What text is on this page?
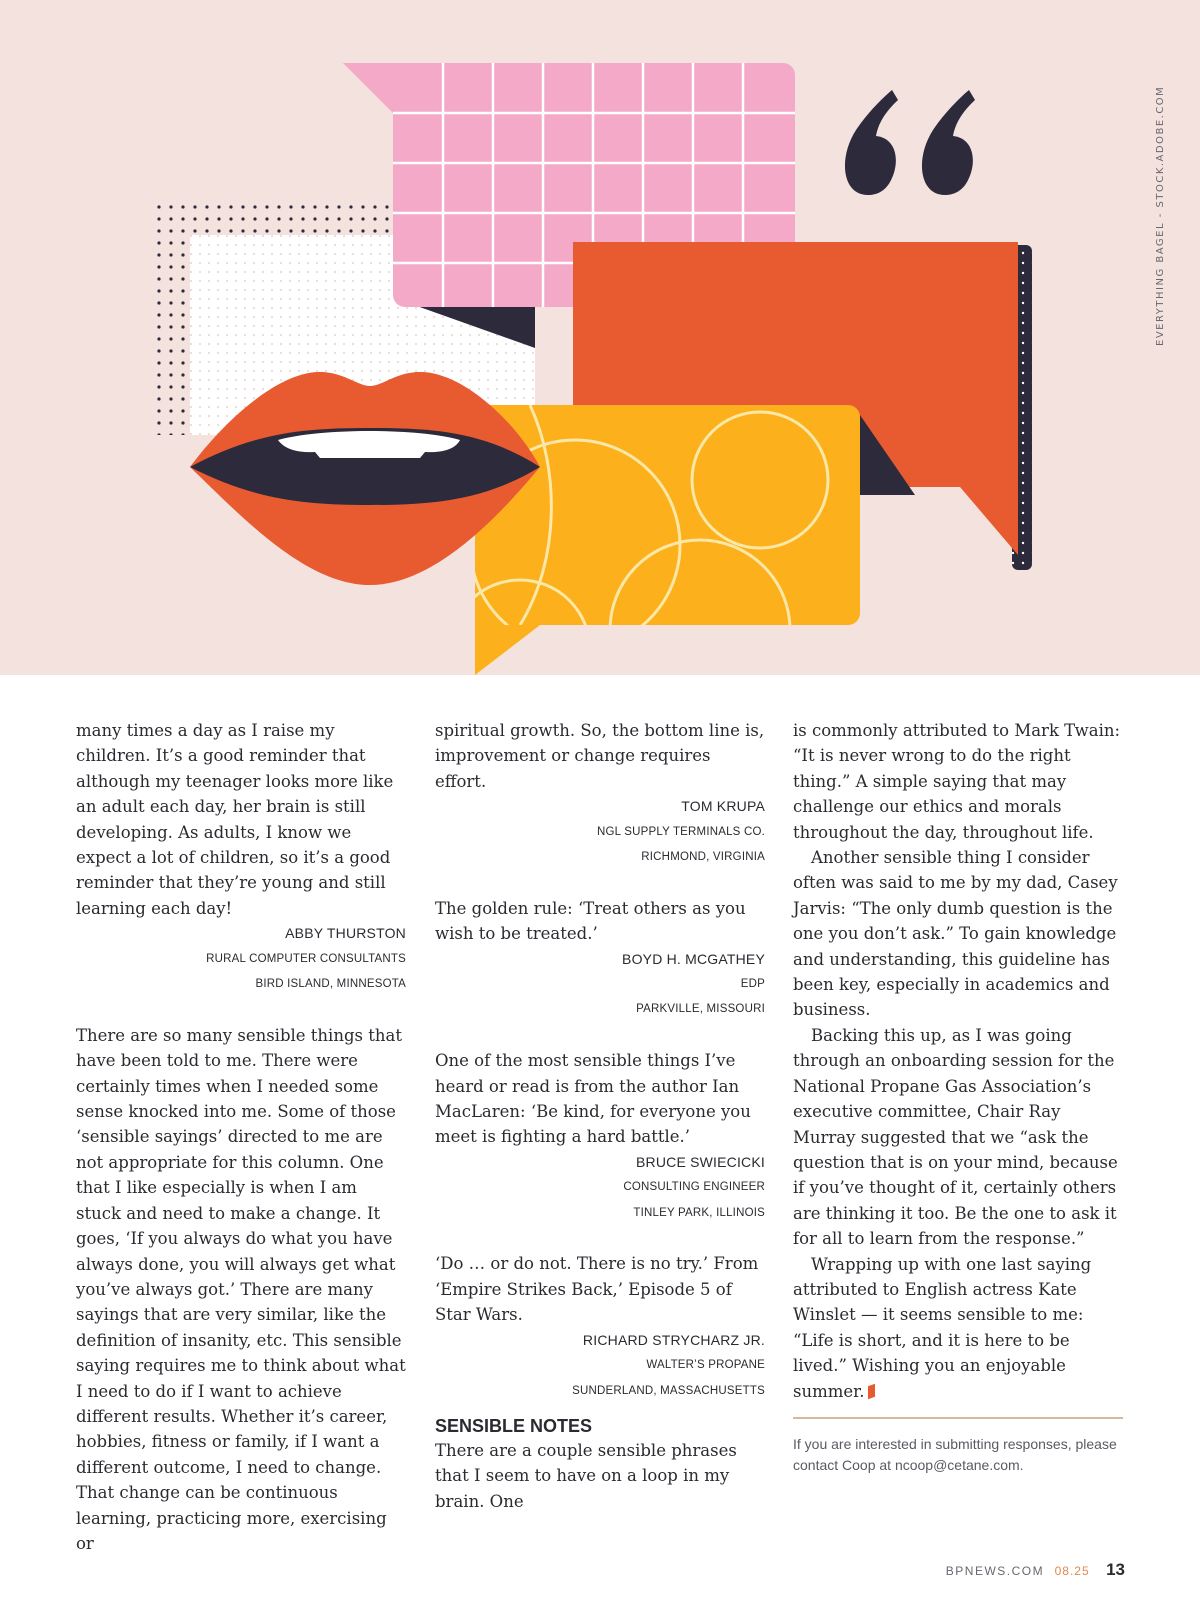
EVERYTHING BAGEL - STOCK.ADOBE.COM

many times a day as I raise my children. It’s a good reminder that although my teenager looks more like an adult each day, her brain is still developing. As adults, I know we expect a lot of children, so it’s a good reminder that they’re young and still learning each day!

ABBY THURSTON
RURAL COMPUTER CONSULTANTS
BIRD ISLAND, MINNESOTA

There are so many sensible things that have been told to me. There were certainly times when I needed some sense knocked into me. Some of those ‘sensible sayings’ directed to me are not appropriate for this column. One that I like especially is when I am stuck and need to make a change. It goes, ‘If you always do what you have always done, you will always get what you’ve always got.’ There are many sayings that are very similar, like the definition of insanity, etc. This sensible saying requires me to think about what I need to do if I want to achieve different results. Whether it’s career, hobbies, fitness or family, if I want a different outcome, I need to change. That change can be continuous learning, practicing more, exercising or

spiritual growth. So, the bottom line is, improvement or change requires effort.

TOM KRUPA
NGL SUPPLY TERMINALS CO.
RICHMOND, VIRGINIA

The golden rule: ‘Treat others as you wish to be treated.’

BOYD H. MCGATHEY
EDP
PARKVILLE, MISSOURI

One of the most sensible things I’ve heard or read is from the author Ian MacLaren: ‘Be kind, for everyone you meet is fighting a hard battle.’

BRUCE SWIECICKI
CONSULTING ENGINEER
TINLEY PARK, ILLINOIS

‘Do … or do not. There is no try.’ From ‘Empire Strikes Back,’ Episode 5 of Star Wars.

RICHARD STRYCHARZ JR.
WALTER’S PROPANE
SUNDERLAND, MASSACHUSETTS
SENSIBLE NOTES

There are a couple sensible phrases that I seem to have on a loop in my brain. One

is commonly attributed to Mark Twain: “It is never wrong to do the right thing.” A simple saying that may challenge our ethics and morals throughout the day, throughout life.

Another sensible thing I consider often was said to me by my dad, Casey Jarvis: “The only dumb question is the one you don’t ask.” To gain knowledge and understanding, this guideline has been key, especially in academics and business.

Backing this up, as I was going through an onboarding session for the National Propane Gas Association’s executive committee, Chair Ray Murray suggested that we “ask the question that is on your mind, because if you’ve thought of it, certainly others are thinking it too. Be the one to ask it for all to learn from the response.”

Wrapping up with one last saying attributed to English actress Kate Winslet — it seems sensible to me: “Life is short, and it is here to be lived.” Wishing you an enjoyable summer.

If you are interested in submitting responses, please contact Coop at ncoop@cetane.com.
BPNEWS.COM 08.25 13
